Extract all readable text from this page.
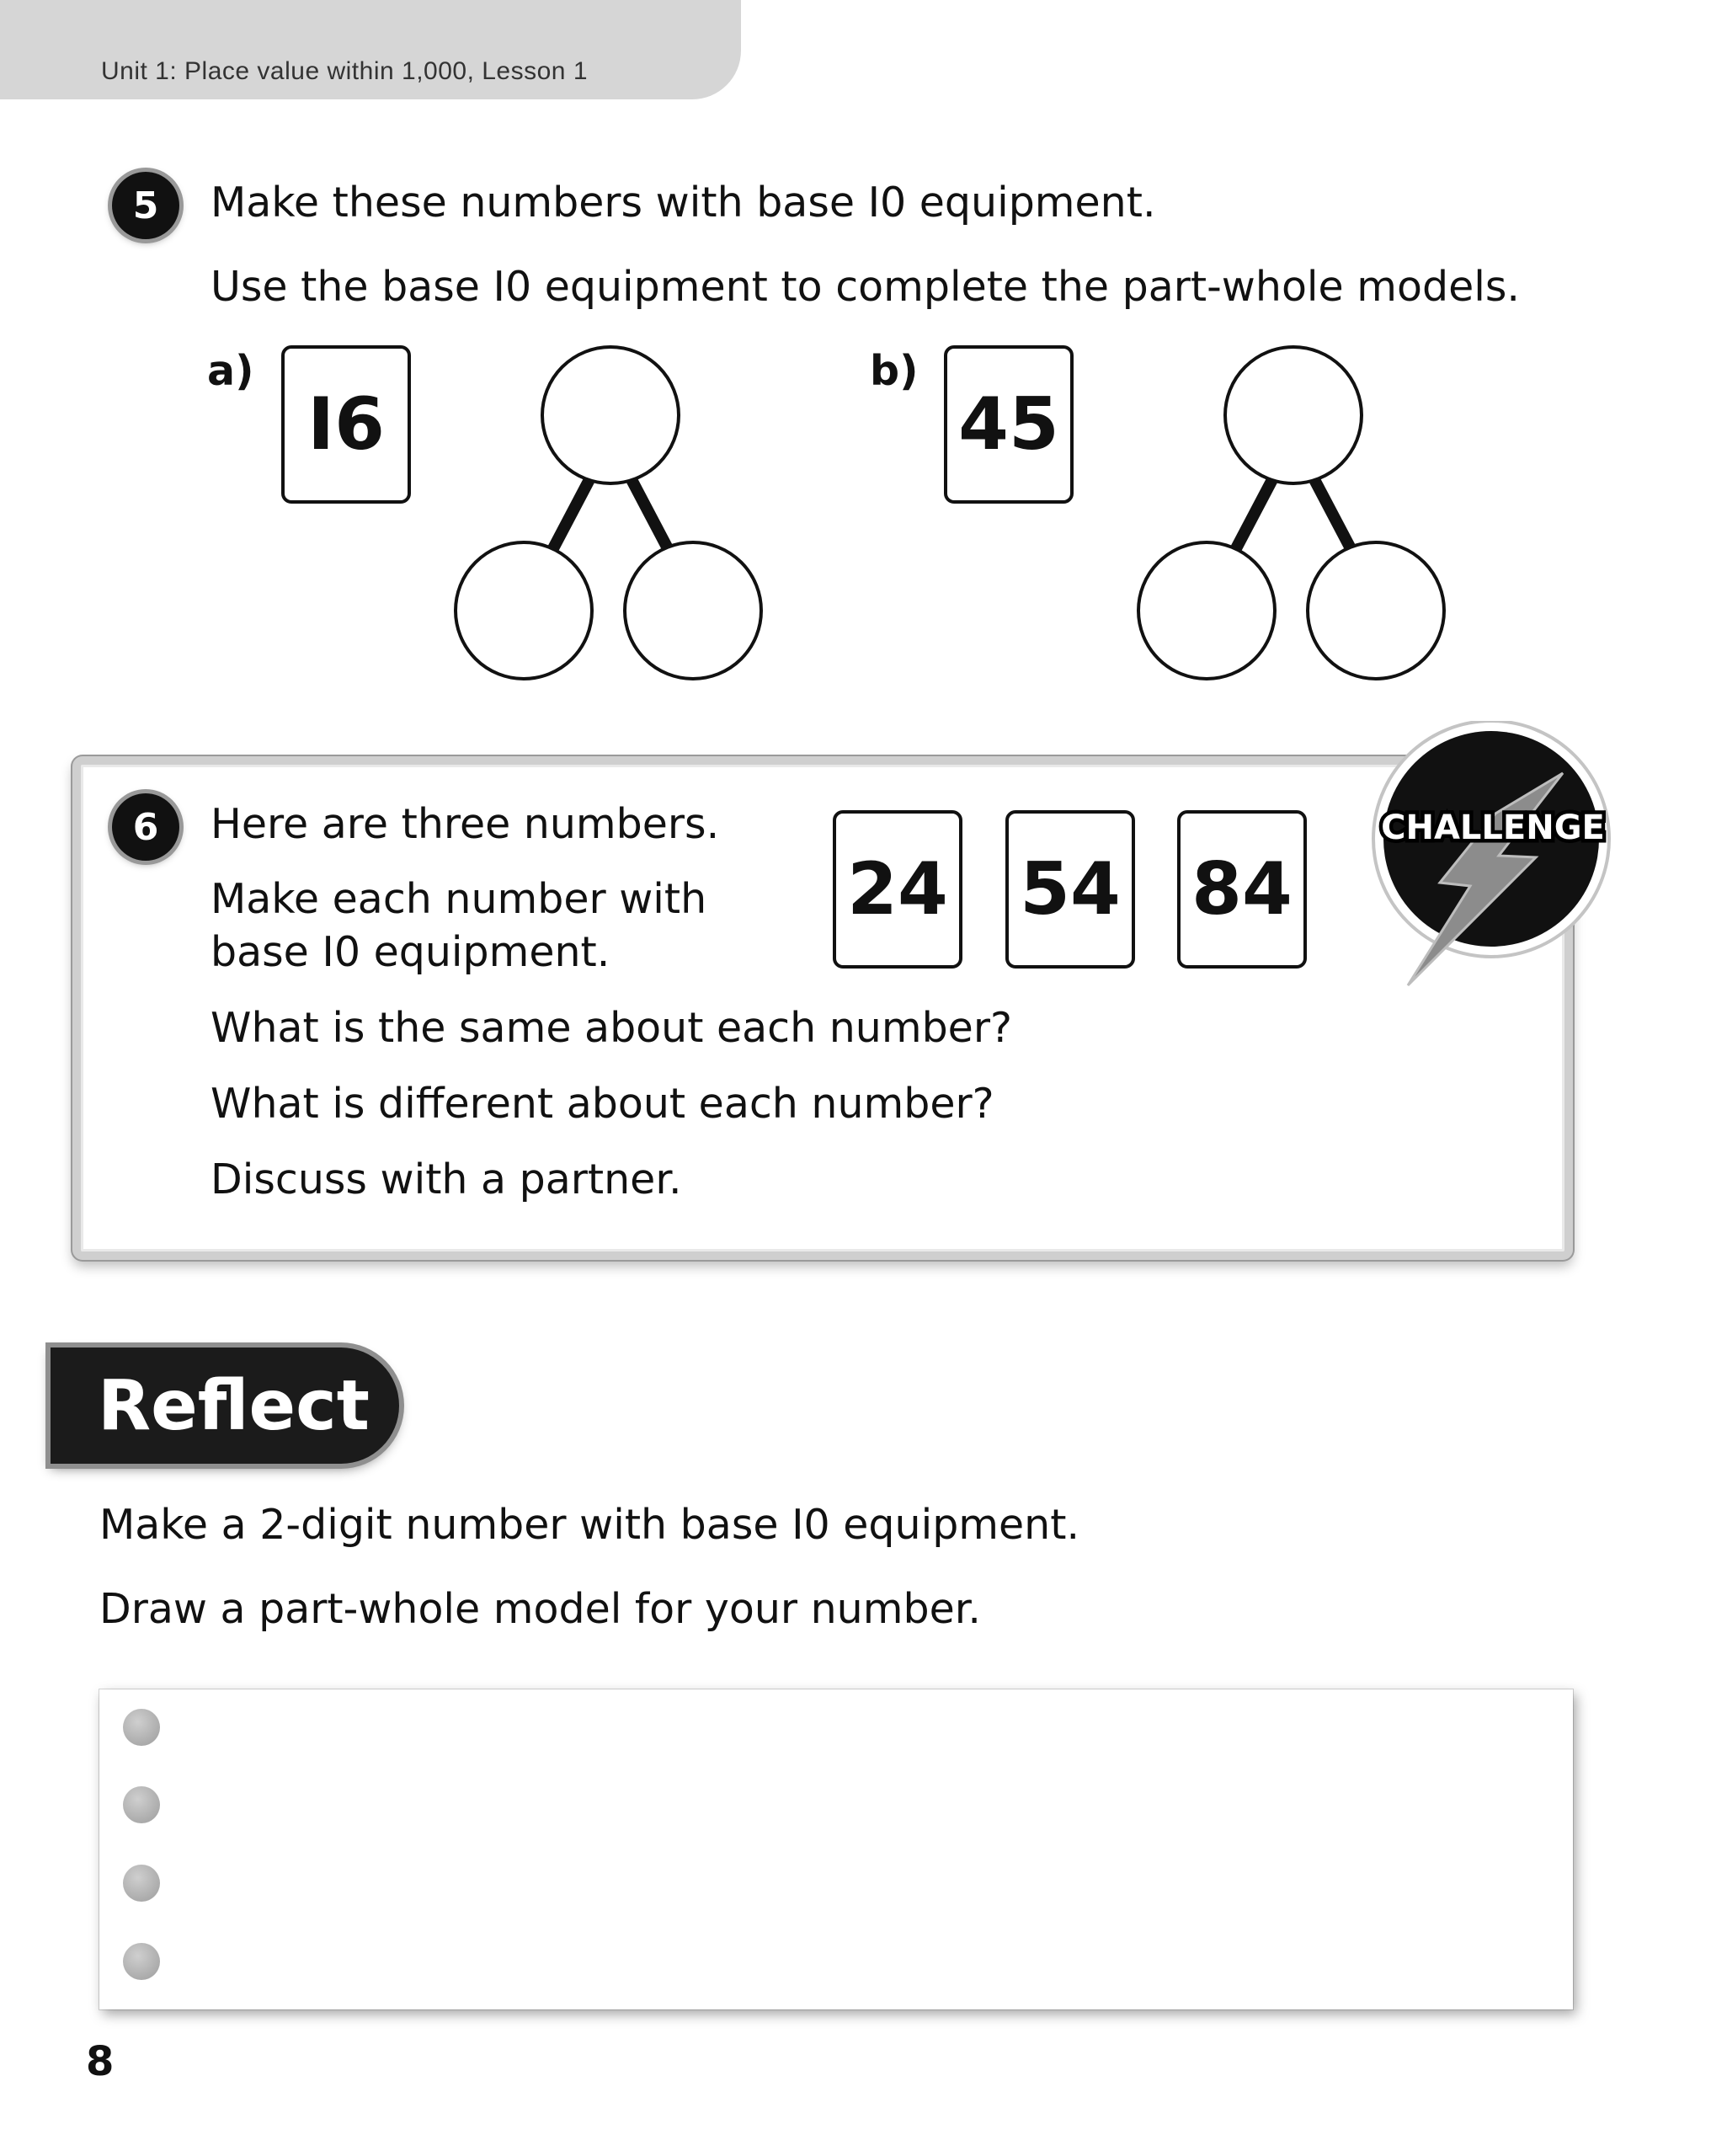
Unit 1: Place value within 1,000, Lesson 1
5	Make these numbers with base I0 equipment.
Use the base I0 equipment to complete the part-whole models.
a)
I6
b)
45
6	Here are three numbers.
Make each number with
base I0 equipment.
What is the same about each number?
What is different about each number?
Discuss with a partner.
24 54 84
CHALLENGE
Reflect
Make a 2-digit number with base I0 equipment.
Draw a part-whole model for your number.
8
